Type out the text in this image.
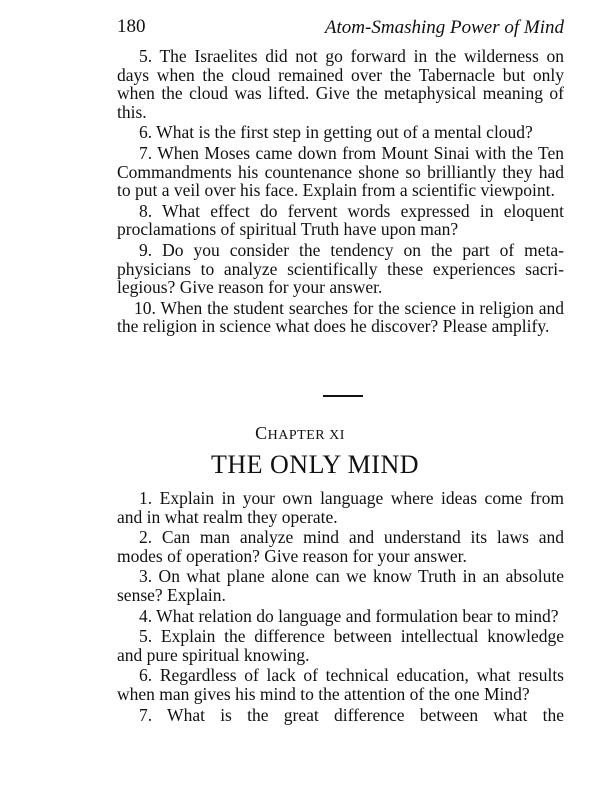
180	Atom-Smashing Power of Mind

5. The Israelites did not go forward in the wilderness on days when the cloud remained over the Tabernacle but only when the cloud was lifted. Give the metaphysical meaning of this.

6. What is the first step in getting out of a mental cloud?

7. When Moses came down from Mount Sinai with the Ten Commandments his countenance shone so brilliantly they had to put a veil over his face. Explain from a scientific viewpoint.

8. What effect do fervent words expressed in eloquent proclamations of spiritual Truth have upon man?

9. Do you consider the tendency on the part of metaphysicians to analyze scientifically these experiences sacrilegious? Give reason for your answer.

10. When the student searches for the science in religion and the religion in science what does he discover? Please amplify.

CHAPTER XI
THE ONLY MIND

1. Explain in your own language where ideas come from and in what realm they operate.

2. Can man analyze mind and understand its laws and modes of operation? Give reason for your answer.

3. On what plane alone can we know Truth in an absolute sense? Explain.

4. What relation do language and formulation bear to mind?

5. Explain the difference between intellectual knowledge and pure spiritual knowing.

6. Regardless of lack of technical education, what results when man gives his mind to the attention of the one Mind?

7. What is the great difference between what the
